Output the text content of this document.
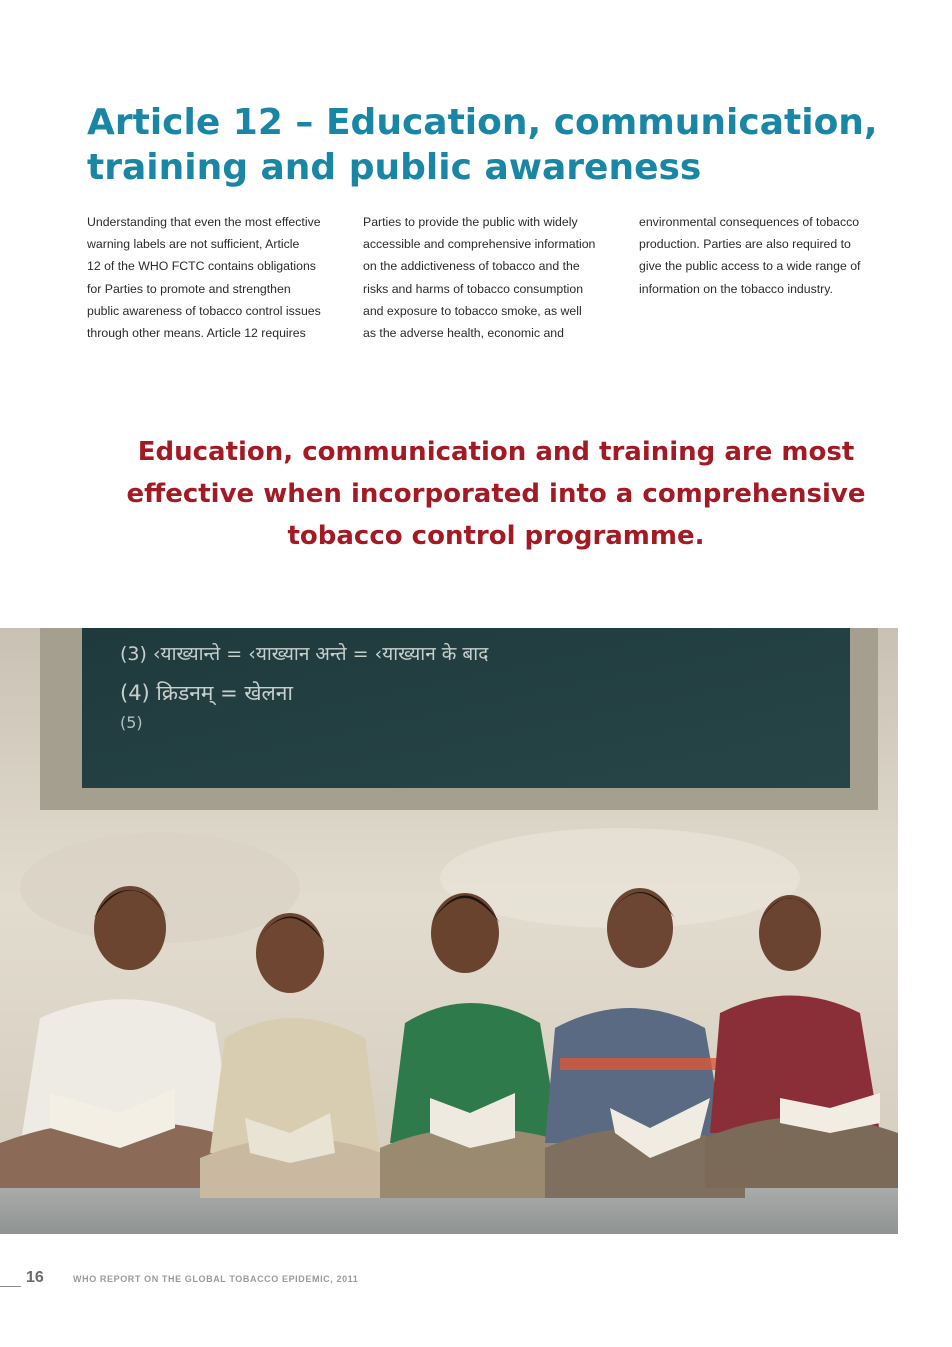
Article 12 – Education, communication,
training and public awareness
Understanding that even the most effective
warning labels are not sufficient, Article
12 of the WHO FCTC contains obligations
for Parties to promote and strengthen
public awareness of tobacco control issues
through other means. Article 12 requires
Parties to provide the public with widely
accessible and comprehensive information
on the addictiveness of tobacco and the
risks and harms of tobacco consumption
and exposure to tobacco smoke, as well
as the adverse health, economic and
environmental consequences of tobacco
production. Parties are also required to
give the public access to a wide range of
information on the tobacco industry.
Education, communication and training are most
effective when incorporated into a comprehensive
tobacco control programme.
(3) ‹याख्यान्ते = ‹याख्यान अन्ते = ‹याख्यान के बाद
(4) क्रिडनम् = खेलना
(5)
16	WHO REPORT ON THE GLOBAL TOBACCO EPIDEMIC, 2011
